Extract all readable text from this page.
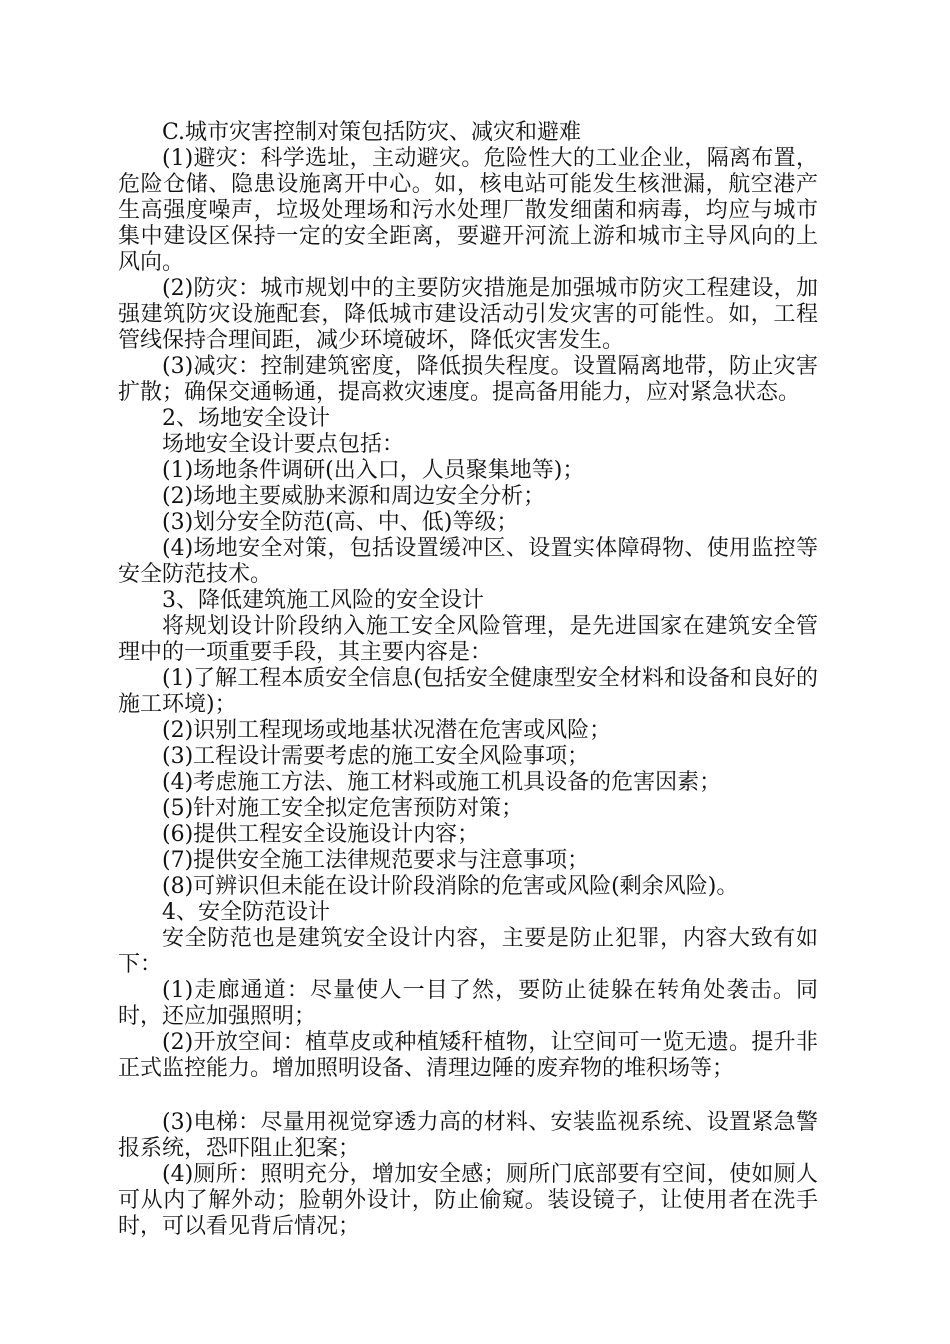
C.城市灾害控制对策包括防灾、减灾和避难

(1)避灾：科学选址，主动避灾。危险性大的工业企业，隔离布置，危险仓储、隐患设施离开中心。如，核电站可能发生核泄漏，航空港产生高强度噪声，垃圾处理场和污水处理厂散发细菌和病毒，均应与城市集中建设区保持一定的安全距离，要避开河流上游和城市主导风向的上风向。

(2)防灾：城市规划中的主要防灾措施是加强城市防灾工程建设，加强建筑防灾设施配套，降低城市建设活动引发灾害的可能性。如，工程管线保持合理间距，减少环境破坏，降低灾害发生。

(3)减灾：控制建筑密度，降低损失程度。设置隔离地带，防止灾害扩散；确保交通畅通，提高救灾速度。提高备用能力，应对紧急状态。

2、场地安全设计

场地安全设计要点包括：

(1)场地条件调研(出入口，人员聚集地等)；

(2)场地主要威胁来源和周边安全分析；

(3)划分安全防范(高、中、低)等级；

(4)场地安全对策，包括设置缓冲区、设置实体障碍物、使用监控等安全防范技术。

3、降低建筑施工风险的安全设计

将规划设计阶段纳入施工安全风险管理，是先进国家在建筑安全管理中的一项重要手段，其主要内容是：

(1)了解工程本质安全信息(包括安全健康型安全材料和设备和良好的施工环境)；

(2)识别工程现场或地基状况潜在危害或风险；

(3)工程设计需要考虑的施工安全风险事项；

(4)考虑施工方法、施工材料或施工机具设备的危害因素；

(5)针对施工安全拟定危害预防对策；

(6)提供工程安全设施设计内容；

(7)提供安全施工法律规范要求与注意事项；

(8)可辨识但未能在设计阶段消除的危害或风险(剩余风险)。

4、安全防范设计

安全防范也是建筑安全设计内容，主要是防止犯罪，内容大致有如下：

(1)走廊通道：尽量使人一目了然，要防止徒躲在转角处袭击。同时，还应加强照明；

(2)开放空间：植草皮或种植矮秆植物，让空间可一览无遗。提升非正式监控能力。增加照明设备、清理边陲的废弃物的堆积场等；

(3)电梯：尽量用视觉穿透力高的材料、安装监视系统、设置紧急警报系统，恐吓阻止犯案；

(4)厕所：照明充分，增加安全感；厕所门底部要有空间，使如厕人可从内了解外动；脸朝外设计，防止偷窥。装设镜子，让使用者在洗手时，可以看见背后情况；
